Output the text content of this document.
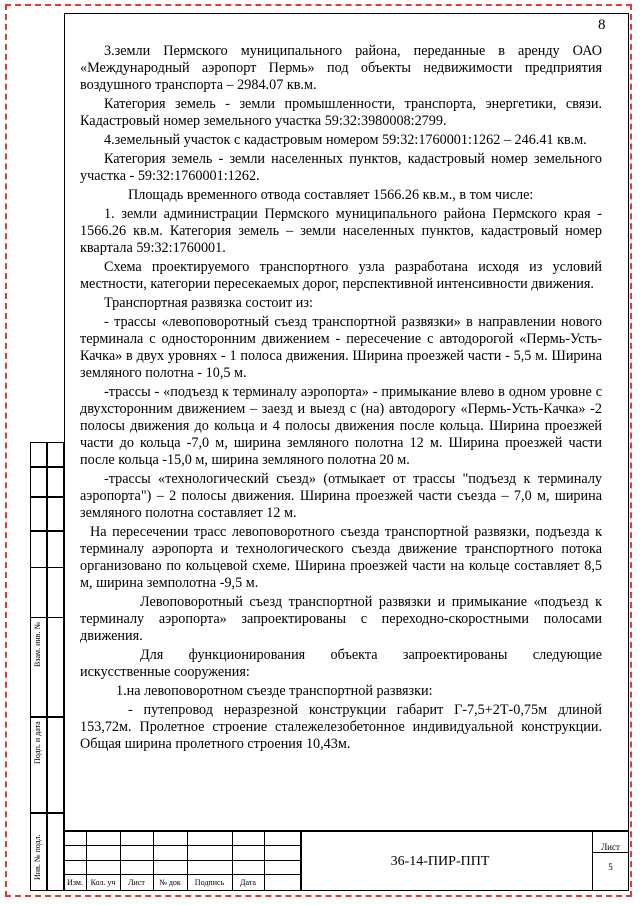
8

3.земли Пермского муниципального района, переданные в аренду ОАО «Международный аэропорт Пермь» под объекты недвижимости предприятия воздушного транспорта – 2984.07 кв.м.

Категория земель - земли промышленности, транспорта, энергетики, связи. Кадастровый номер земельного участка 59:32:3980008:2799.

4.земельный участок с кадастровым номером 59:32:1760001:1262 – 246.41 кв.м.

Категория земель - земли населенных пунктов, кадастровый номер земельного участка - 59:32:1760001:1262.

Площадь временного отвода составляет 1566.26 кв.м., в том числе:

1. земли администрации Пермского муниципального района Пермского края - 1566.26 кв.м. Категория земель – земли населенных пунктов, кадастровый номер квартала 59:32:1760001.

Схема проектируемого транспортного узла разработана исходя из условий местности, категории пересекаемых дорог, перспективной интенсивности движения.

Транспортная развязка состоит из:

- трассы «левоповоротный съезд транспортной развязки» в направлении нового терминала с односторонним движением - пересечение с автодорогой «Пермь-Усть-Качка» в двух уровнях - 1 полоса движения. Ширина проезжей части - 5,5 м. Ширина земляного полотна - 10,5 м.

-трассы - «подъезд к терминалу аэропорта» - примыкание влево в одном уровне с двухсторонним движением – заезд и выезд с (на) автодорогу «Пермь-Усть-Качка» -2 полосы движения до кольца и 4 полосы движения после кольца. Ширина проезжей части до кольца -7,0 м, ширина земляного полотна 12 м. Ширина проезжей части после кольца -15,0 м, ширина земляного полотна 20 м.

-трассы «технологический съезд» (отмыкает от трассы "подъезд к терминалу аэропорта") – 2 полосы движения. Ширина проезжей части съезда – 7,0 м, ширина земляного полотна составляет 12 м.

На пересечении трасс левоповоротного съезда транспортной развязки, подъезда к терминалу аэропорта и технологического съезда движение транспортного потока организовано по кольцевой схеме. Ширина проезжей части на кольце составляет 8,5 м, ширина земполотна -9,5 м.

Левоповоротный съезд транспортной развязки и примыкание «подъезд к терминалу аэропорта» запроектированы с переходно-скоростными полосами движения.

Для функционирования объекта запроектированы следующие искусственные сооружения:

1.на левоповоротном съезде транспортной развязки:

- путепровод неразрезной конструкции габарит Г-7,5+2Т-0,75м длиной 153,72м. Пролетное строение сталежелезобетонное индивидуальной конструкции. Общая ширина пролетного строения 10,43м.

Взам. инв. №
Подп. и дата
Инв. № подл.
Изм. Кол. уч	Лист	№ док	Подпись	Дата
36-14-ПИР-ППТ
Лист
5
